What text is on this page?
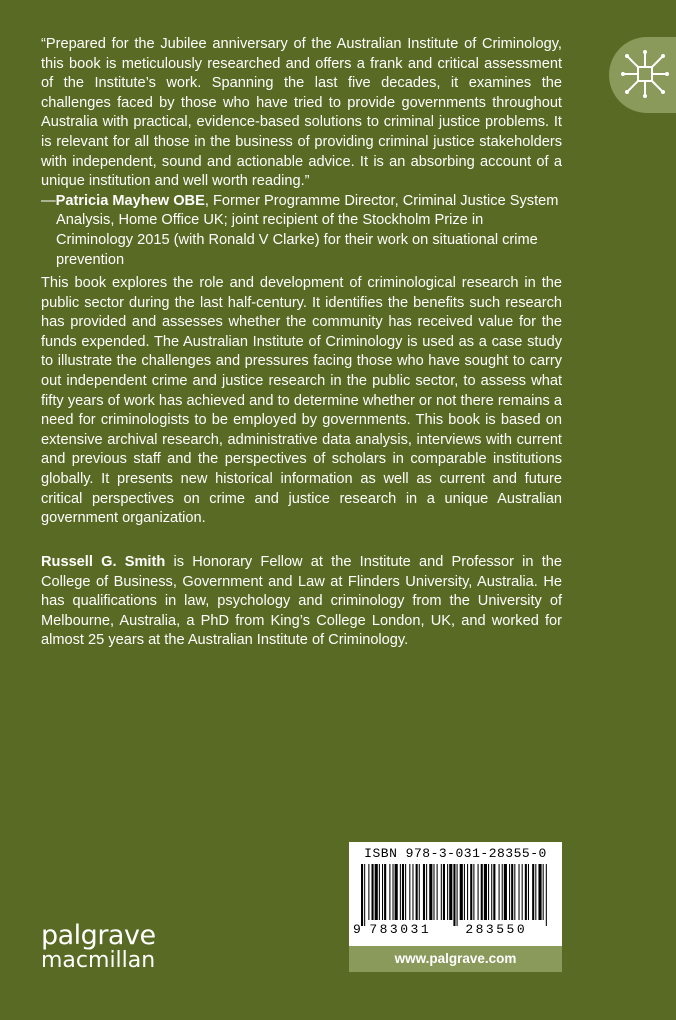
“Prepared for the Jubilee anniversary of the Australian Institute of Criminology, this book is meticulously researched and offers a frank and critical assessment of the Institute’s work. Spanning the last five decades, it examines the challenges faced by those who have tried to provide governments throughout Australia with practical, evidence-based solutions to criminal justice problems. It is relevant for all those in the business of providing criminal justice stakeholders with independent, sound and actionable advice. It is an absorbing account of a unique institution and well worth reading.”

—Patricia Mayhew OBE, Former Programme Director, Criminal Justice System Analysis, Home Office UK; joint recipient of the Stockholm Prize in Criminology 2015 (with Ronald V Clarke) for their work on situational crime prevention

This book explores the role and development of criminological research in the public sector during the last half-century. It identifies the benefits such research has provided and assesses whether the community has received value for the funds expended. The Australian Institute of Criminology is used as a case study to illustrate the challenges and pressures facing those who have sought to carry out independent crime and justice research in the public sector, to assess what fifty years of work has achieved and to determine whether or not there remains a need for criminologists to be employed by governments. This book is based on extensive archival research, administrative data analysis, interviews with current and previous staff and the perspectives of scholars in comparable institutions globally. It presents new historical information as well as current and future critical perspectives on crime and justice research in a unique Australian government organization.
Russell G. Smith is Honorary Fellow at the Institute and Professor in the College of Business, Government and Law at Flinders University, Australia. He has qualifications in law, psychology and criminology from the University of Melbourne, Australia, a PhD from King’s College London, UK, and worked for almost 25 years at the Australian Institute of Criminology.
ISBN 978-3-031-28355-0
9 783031	283550
www.palgrave.com
palgrave
macmillan
